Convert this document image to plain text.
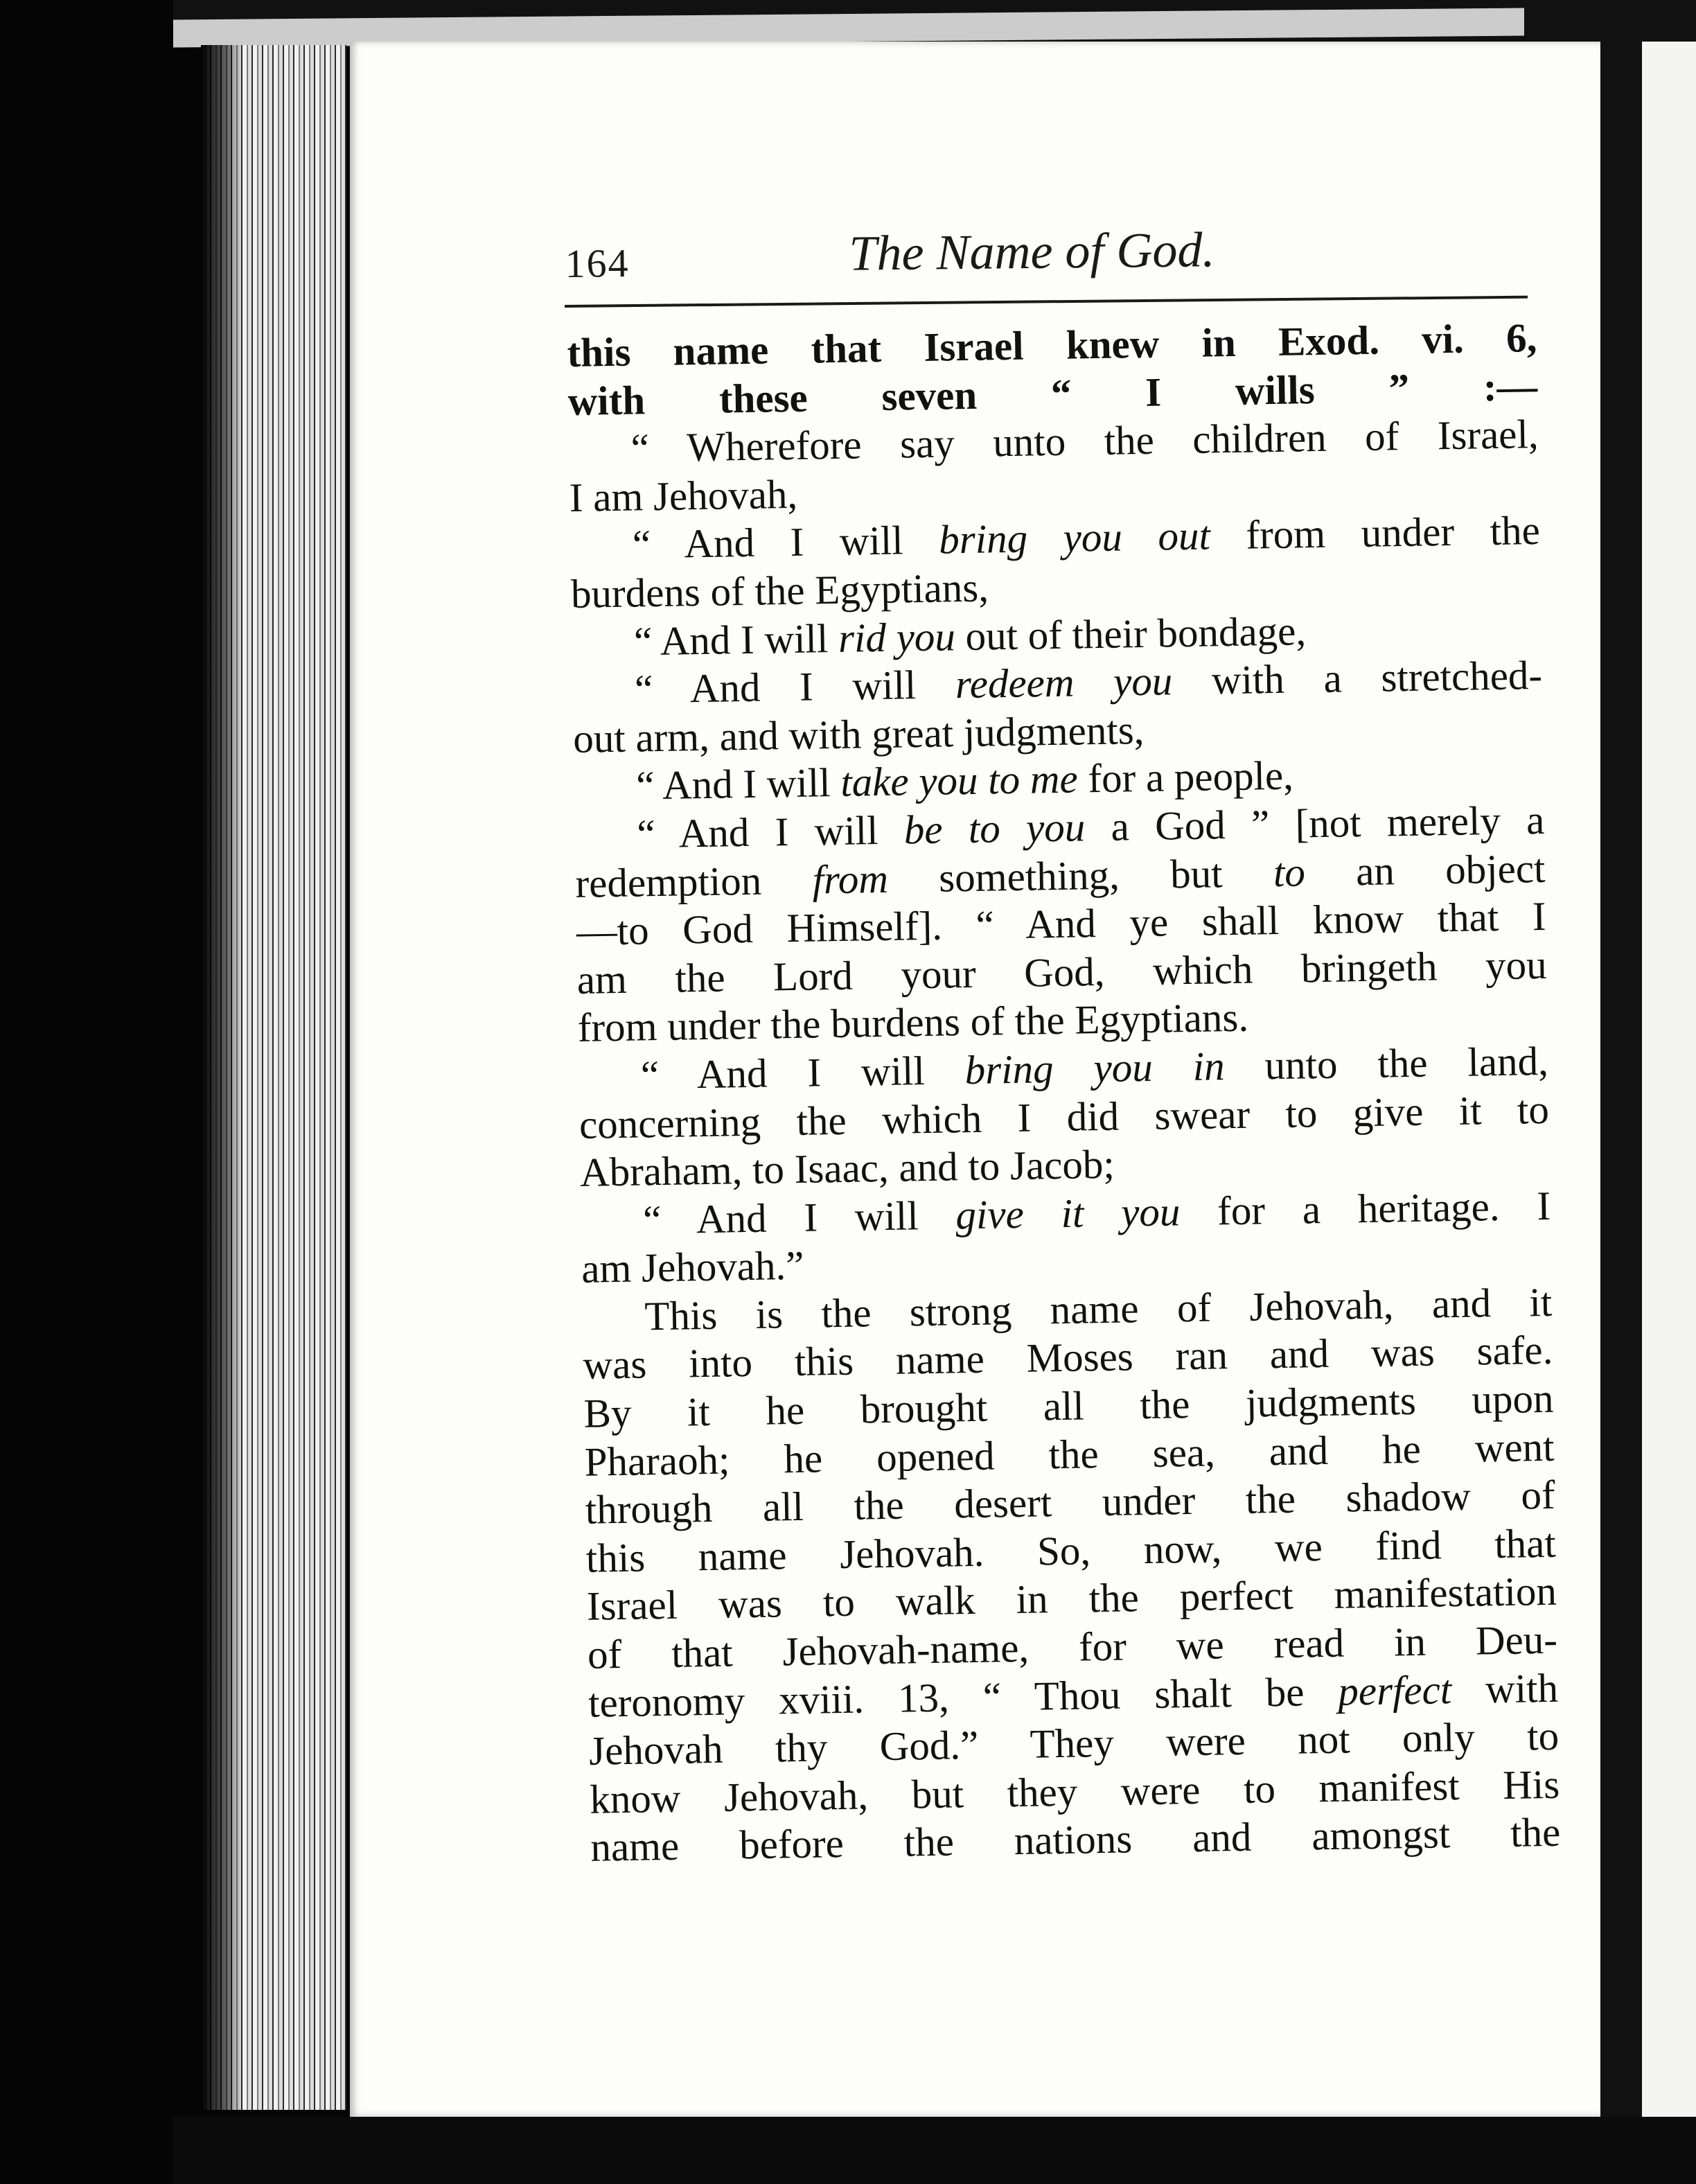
164	The Name of God.
this name that Israel knew in Exod. vi. 6,
with these seven “ I wills ” :—
“ Wherefore say unto the children of Israel,
I am Jehovah,
“ And I will bring you out from under the
burdens of the Egyptians,
“ And I will rid you out of their bondage,
“ And I will redeem you with a stretched-
out arm, and with great judgments,
“ And I will take you to me for a people,
“ And I will be to you a God ” [not merely a
redemption from something, but to an object
—to God Himself]. “ And ye shall know that I
am the Lord your God, which bringeth you
from under the burdens of the Egyptians.
“ And I will bring you in unto the land,
concerning the which I did swear to give it to
Abraham, to Isaac, and to Jacob;
“ And I will give it you for a heritage. I
am Jehovah.”
This is the strong name of Jehovah, and it
was into this name Moses ran and was safe.
By it he brought all the judgments upon
Pharaoh; he opened the sea, and he went
through all the desert under the shadow of
this name Jehovah. So, now, we find that
Israel was to walk in the perfect manifestation
of that Jehovah-name, for we read in Deu-
teronomy xviii. 13, “ Thou shalt be perfect with
Jehovah thy God.” They were not only to
know Jehovah, but they were to manifest His
name before the nations and amongst the
